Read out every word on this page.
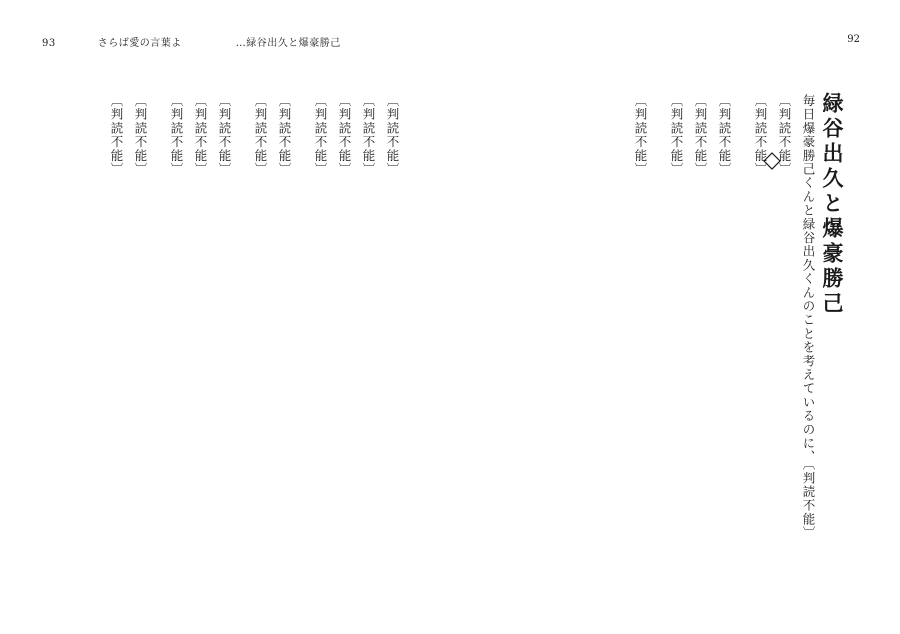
93	さらば愛の言葉よ	…緑谷出久と爆豪勝己
〔判読不能〕
〔判読不能〕
〔判読不能〕
〔判読不能〕
〔判読不能〕
〔判読不能〕
〔判読不能〕
〔判読不能〕
〔判読不能〕
〔判読不能〕
〔判読不能〕
92
緑谷出久と爆豪勝己
毎日爆豪勝己くんと緑谷出久くんのことを考えているのに、〔判読不能〕
〔判読不能〕
〔判読不能〕
〔判読不能〕
〔判読不能〕
〔判読不能〕
〔判読不能〕
